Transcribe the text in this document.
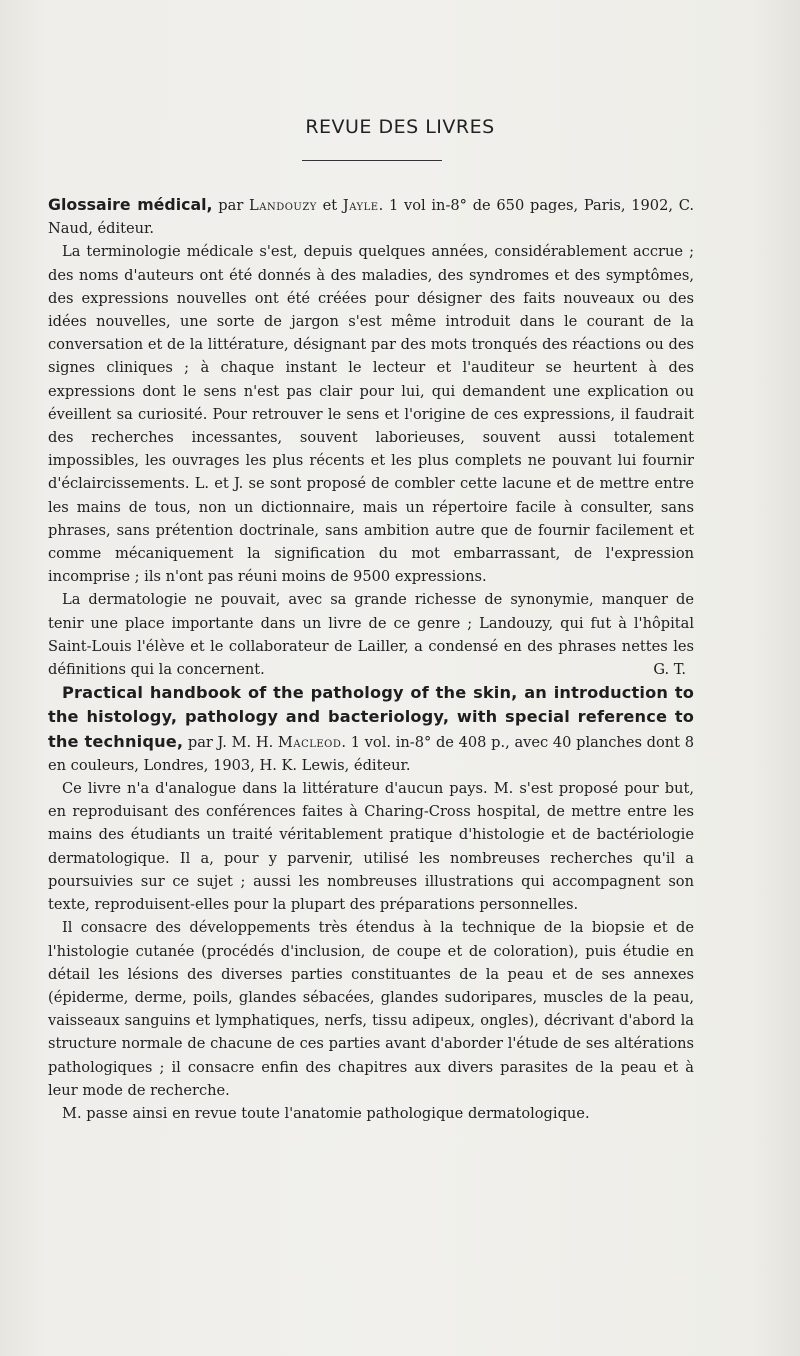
REVUE DES LIVRES

Glossaire médical, par Landouzy et Jayle. 1 vol in-8° de 650 pages, Paris, 1902, C. Naud, éditeur.

La terminologie médicale s'est, depuis quelques années, considérablement accrue ; des noms d'auteurs ont été donnés à des maladies, des syndromes et des symptômes, des expressions nouvelles ont été créées pour désigner des faits nouveaux ou des idées nouvelles, une sorte de jargon s'est même introduit dans le courant de la conversation et de la littérature, désignant par des mots tronqués des réactions ou des signes cliniques ; à chaque instant le lecteur et l'auditeur se heurtent à des expressions dont le sens n'est pas clair pour lui, qui demandent une explication ou éveillent sa curiosité. Pour retrouver le sens et l'origine de ces expressions, il faudrait des recherches incessantes, souvent laborieuses, souvent aussi totalement impossibles, les ouvrages les plus récents et les plus complets ne pouvant lui fournir d'éclaircissements. L. et J. se sont proposé de combler cette lacune et de mettre entre les mains de tous, non un dictionnaire, mais un répertoire facile à consulter, sans phrases, sans prétention doctrinale, sans ambition autre que de fournir facilement et comme mécaniquement la signification du mot embarrassant, de l'expression incomprise ; ils n'ont pas réuni moins de 9500 expressions.

La dermatologie ne pouvait, avec sa grande richesse de synonymie, manquer de tenir une place importante dans un livre de ce genre ; Landouzy, qui fut à l'hôpital Saint-Louis l'élève et le collaborateur de Lailler, a condensé en des phrases nettes les définitions qui la concernent.	G. T.

Practical handbook of the pathology of the skin, an introduction to the histology, pathology and bacteriology, with special reference to the technique, par J. M. H. Macleod. 1 vol. in-8° de 408 p., avec 40 planches dont 8 en couleurs, Londres, 1903, H. K. Lewis, éditeur.

Ce livre n'a d'analogue dans la littérature d'aucun pays. M. s'est proposé pour but, en reproduisant des conférences faites à Charing-Cross hospital, de mettre entre les mains des étudiants un traité véritablement pratique d'histologie et de bactériologie dermatologique. Il a, pour y parvenir, utilisé les nombreuses recherches qu'il a poursuivies sur ce sujet ; aussi les nombreuses illustrations qui accompagnent son texte, reproduisent-elles pour la plupart des préparations personnelles.

Il consacre des développements très étendus à la technique de la biopsie et de l'histologie cutanée (procédés d'inclusion, de coupe et de coloration), puis étudie en détail les lésions des diverses parties constituantes de la peau et de ses annexes (épiderme, derme, poils, glandes sébacées, glandes sudoripares, muscles de la peau, vaisseaux sanguins et lymphatiques, nerfs, tissu adipeux, ongles), décrivant d'abord la structure normale de chacune de ces parties avant d'aborder l'étude de ses altérations pathologiques ; il consacre enfin des chapitres aux divers parasites de la peau et à leur mode de recherche.

M. passe ainsi en revue toute l'anatomie pathologique dermatologique.
